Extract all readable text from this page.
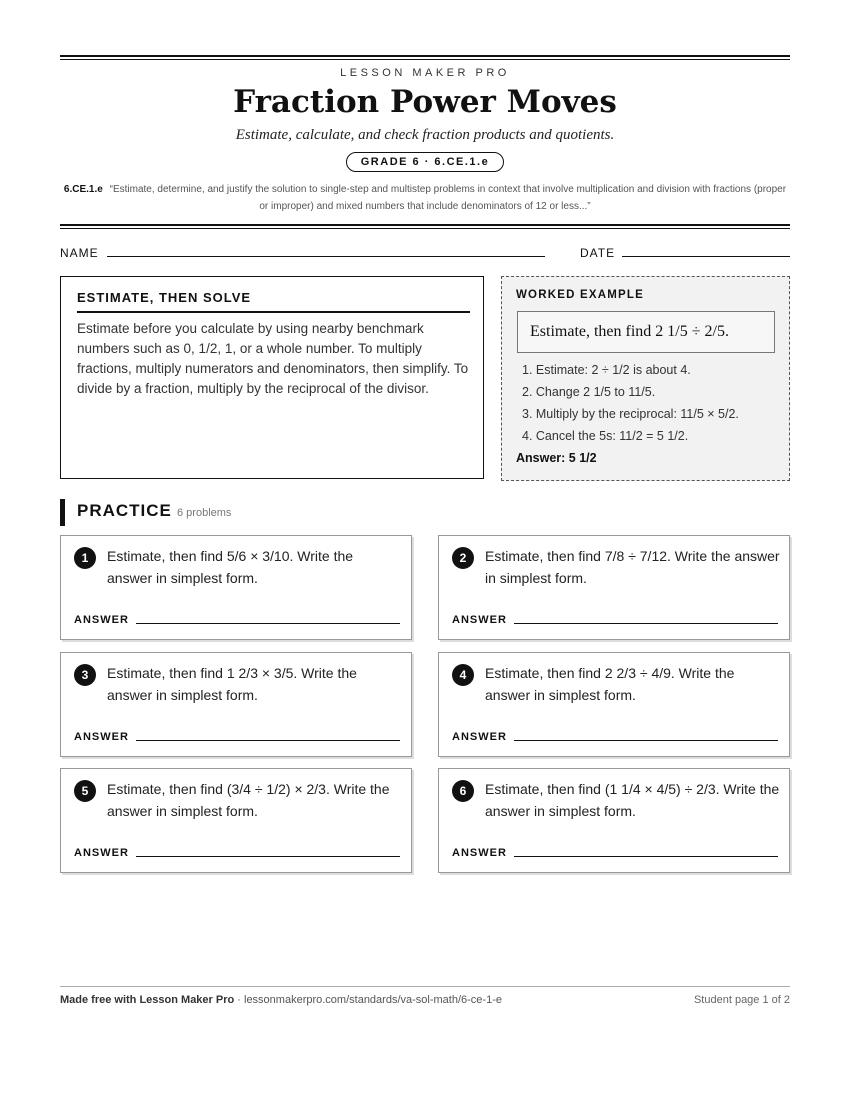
LESSON MAKER PRO
Fraction Power Moves
Estimate, calculate, and check fraction products and quotients.
GRADE 6 · 6.CE.1.e
6.CE.1.e “Estimate, determine, and justify the solution to single-step and multistep problems in context that involve multiplication and division with fractions (proper or improper) and mixed numbers that include denominators of 12 or less...”
NAME	DATE
ESTIMATE, THEN SOLVE
Estimate before you calculate by using nearby benchmark numbers such as 0, 1/2, 1, or a whole number. To multiply fractions, multiply numerators and denominators, then simplify. To divide by a fraction, multiply by the reciprocal of the divisor.
WORKED EXAMPLE
Estimate, then find 2 1/5 ÷ 2/5.
1. Estimate: 2 ÷ 1/2 is about 4.
2. Change 2 1/5 to 11/5.
3. Multiply by the reciprocal: 11/5 × 5/2.
4. Cancel the 5s: 11/2 = 5 1/2.
Answer: 5 1/2
PRACTICE 6 problems
1	Estimate, then find 5/6 × 3/10. Write the answer in simplest form.
ANSWER
2	Estimate, then find 7/8 ÷ 7/12. Write the answer in simplest form.
ANSWER
3	Estimate, then find 1 2/3 × 3/5. Write the answer in simplest form.
ANSWER
4	Estimate, then find 2 2/3 ÷ 4/9. Write the answer in simplest form.
ANSWER
5	Estimate, then find (3/4 ÷ 1/2) × 2/3. Write the answer in simplest form.
ANSWER
6	Estimate, then find (1 1/4 × 4/5) ÷ 2/3. Write the answer in simplest form.
ANSWER
Made free with Lesson Maker Pro · lessonmakerpro.com/standards/va-sol-math/6-ce-1-e	Student page 1 of 2
